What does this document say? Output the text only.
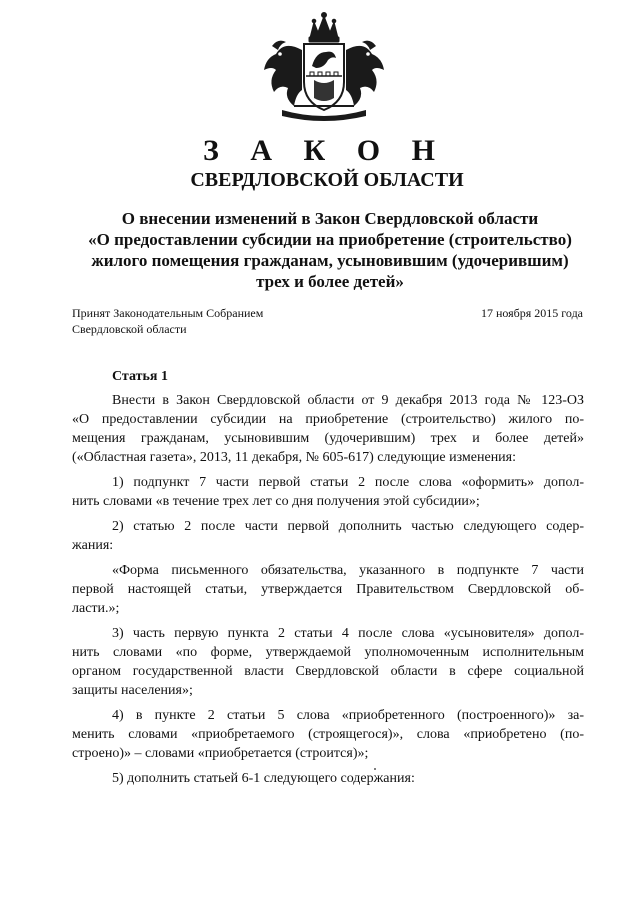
З А К О Н
СВЕРДЛОВСКОЙ ОБЛАСТИ
О внесении изменений в Закон Свердловской области
«О предоставлении субсидии на приобретение (строительство)
жилого помещения гражданам, усыновившим (удочерившим)
трех и более детей»
Принят Законодательным Собранием
Свердловской области
17 ноября 2015 года
Статья 1
Внести в Закон Свердловской области от 9 декабря 2013 года № 123-ОЗ
«О предоставлении субсидии на приобретение (строительство) жилого по-
мещения гражданам, усыновившим (удочерившим) трех и более детей»
(«Областная газета», 2013, 11 декабря, № 605-617) следующие изменения:
1) подпункт 7 части первой статьи 2 после слова «оформить» допол-
нить словами «в течение трех лет со дня получения этой субсидии»;
2) статью 2 после части первой дополнить частью следующего содер-
жания:
«Форма письменного обязательства, указанного в подпункте 7 части
первой настоящей статьи, утверждается Правительством Свердловской об-
ласти.»;
3) часть первую пункта 2 статьи 4 после слова «усыновителя» допол-
нить словами «по форме, утверждаемой уполномоченным исполнительным
органом государственной власти Свердловской области в сфере социальной
защиты населения»;
4) в пункте 2 статьи 5 слова «приобретенного (построенного)» за-
менить словами «приобретаемого (строящегося)», слова «приобретено (по-
строено)» – словами «приобретается (строится)»;
5) дополнить статьей 6-1 следующего содержания:
